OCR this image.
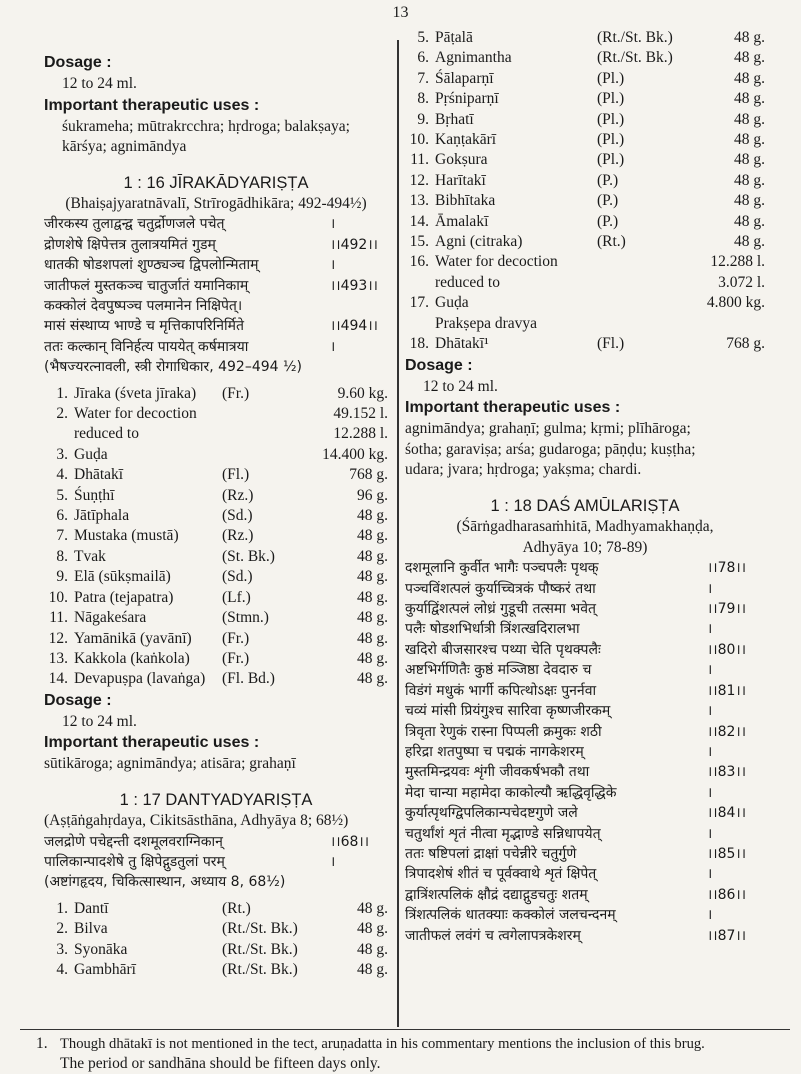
13
Dosage :
12 to 24 ml.
Important therapeutic uses :
śukrameha; mūtrakrcchra; hṛdroga; balakṣaya;
kārśya; agnimāndya
1 : 16 JĪRAKĀDYARIṢṬA
(Bhaiṣajyaratnāvalī, Strīrogādhikāra; 492-494½)
जीरकस्य तुलाद्वन्द्व चतुर्द्रोणजले पचेत्	।
द्रोणशेषे क्षिपेत्तत्र तुलात्रयमितं गुडम्	।।492।।
धातकी षोडशपलां शुण्ठ्यञ्च द्विपलोन्मिताम्	।
जातीफलं मुस्तकञ्च चातुर्जातं यमानिकाम्	।।493।।
कक्कोलं देवपुष्पञ्च पलमानेन निक्षिपेत्।
मासं संस्थाप्य भाण्डे च मृत्तिकापरिनिर्मिते	।।494।।
ततः कल्कान् विनिर्हत्य पाययेत् कर्षमात्रया	।
(भैषज्यरत्नावली, स्त्री रोगाधिकार, 492–494 ½)
1. Jīraka (śveta jīraka)	(Fr.)	9.60 kg.
2. Water for decoction	49.152 l.
reduced to	12.288 l.
3. Guḍa	14.400 kg.
4. Dhātakī	(Fl.)	768 g.
5. Śuṇṭhī	(Rz.)	96 g.
6. Jātīphala	(Sd.)	48 g.
7. Mustaka (mustā)	(Rz.)	48 g.
8. Tvak	(St. Bk.)	48 g.
9. Elā (sūkṣmailā)	(Sd.)	48 g.
10. Patra (tejapatra)	(Lf.)	48 g.
11. Nāgakeśara	(Stmn.)	48 g.
12. Yamānikā (yavānī)	(Fr.)	48 g.
13. Kakkola (kaṅkola)	(Fr.)	48 g.
14. Devapuṣpa (lavaṅga)	(Fl. Bd.)	48 g.
Dosage :
12 to 24 ml.
Important therapeutic uses :
sūtikāroga; agnimāndya; atisāra; grahaṇī
1 : 17 DANTYADYARIṢṬA
(Aṣṭāṅgahṛdaya, Cikitsāsthāna, Adhyāya 8; 68½)
जलद्रोणे पचेद्दन्ती दशमूलवराग्निकान्	।।68।।
पालिकान्पादशेषे तु क्षिपेद्गुडतुलां परम्	।
(अष्टांगहृदय, चिकित्सास्थान, अध्याय 8, 68½)
1. Dantī	(Rt.)	48 g.
2. Bilva	(Rt./St. Bk.)	48 g.
3. Syonāka	(Rt./St. Bk.)	48 g.
4. Gambhārī	(Rt./St. Bk.)	48 g.
5. Pāṭalā	(Rt./St. Bk.)	48 g.
6. Agnimantha	(Rt./St. Bk.)	48 g.
7. Śālaparṇī	(Pl.)	48 g.
8. Pṛśniparṇī	(Pl.)	48 g.
9. Bṛhatī	(Pl.)	48 g.
10. Kaṇṭakārī	(Pl.)	48 g.
11. Gokṣura	(Pl.)	48 g.
12. Harītakī	(P.)	48 g.
13. Bibhītaka	(P.)	48 g.
14. Āmalakī	(P.)	48 g.
15. Agni (citraka)	(Rt.)	48 g.
16. Water for decoction	12.288 l.
reduced to	3.072 l.
17. Guḍa	4.800 kg.
Prakṣepa dravya
18. Dhātakī¹	(Fl.)	768 g.
Dosage :
12 to 24 ml.
Important therapeutic uses :
agnimāndya; grahaṇī; gulma; kṛmi; plīhāroga;
śotha; garaviṣa; arśa; gudaroga; pāṇḍu; kuṣṭha;
udara; jvara; hṛdroga; yakṣma; chardi.
1 : 18 DAŚ AMŪLARIṢṬA
(Śārṅgadharasaṁhitā, Madhyamakhaṇḍa,
Adhyāya 10; 78-89)
दशमूलानि कुर्वीत भागैः पञ्चपलैः पृथक्	।।78।।
पञ्चविंशत्पलं कुर्याच्चित्रकं पौष्करं तथा	।
कुर्याद्विंशत्पलं लोध्रं गुडूची तत्समा भवेत्	।।79।।
पलैः षोडशभिर्धात्री त्रिंशत्खदिरालभा	।
खदिरो बीजसारश्च पथ्या चेति पृथक्पलैः	।।80।।
अष्टभिर्गणितैः कुष्ठं मञ्जिष्ठा देवदारु च	।
विडंगं मधुकं भार्गी कपित्थोऽक्षः पुनर्नवा	।।81।।
चव्यं मांसी प्रियंगुश्च सारिवा कृष्णजीरकम्	।
त्रिवृता रेणुकं रास्ना पिप्पली क्रमुकः शठी	।।82।।
हरिद्रा शतपुष्पा च पद्मकं नागकेशरम्	।
मुस्तमिन्द्रयवः शृंगी जीवकर्षभकौ तथा	।।83।।
मेदा चान्या महामेदा काकोल्यौ ऋद्धिवृद्धिके	।
कुर्यात्पृथग्द्विपलिकान्पचेदष्टगुणे जले	।।84।।
चतुर्थांशं शृतं नीत्वा मृद्भाण्डे सन्निधापयेत्	।
ततः षष्टिपलां द्राक्षां पचेन्नीरे चतुर्गुणे	।।85।।
त्रिपादशेषं शीतं च पूर्वक्वाथे शृतं क्षिपेत्	।
द्वात्रिंशत्पलिकं क्षौद्रं दद्याद्गुडचतुः शतम्	।।86।।
त्रिंशत्पलिकं धातक्याः कक्कोलं जलचन्दनम्	।
जातीफलं लवंगं च त्वगेलापत्रकेशरम्	।।87।।
1. Though dhātakī is not mentioned in the tect, aruṇadatta in his commentary mentions the inclusion of this brug.
The period or sandhāna should be fifteen days only.
